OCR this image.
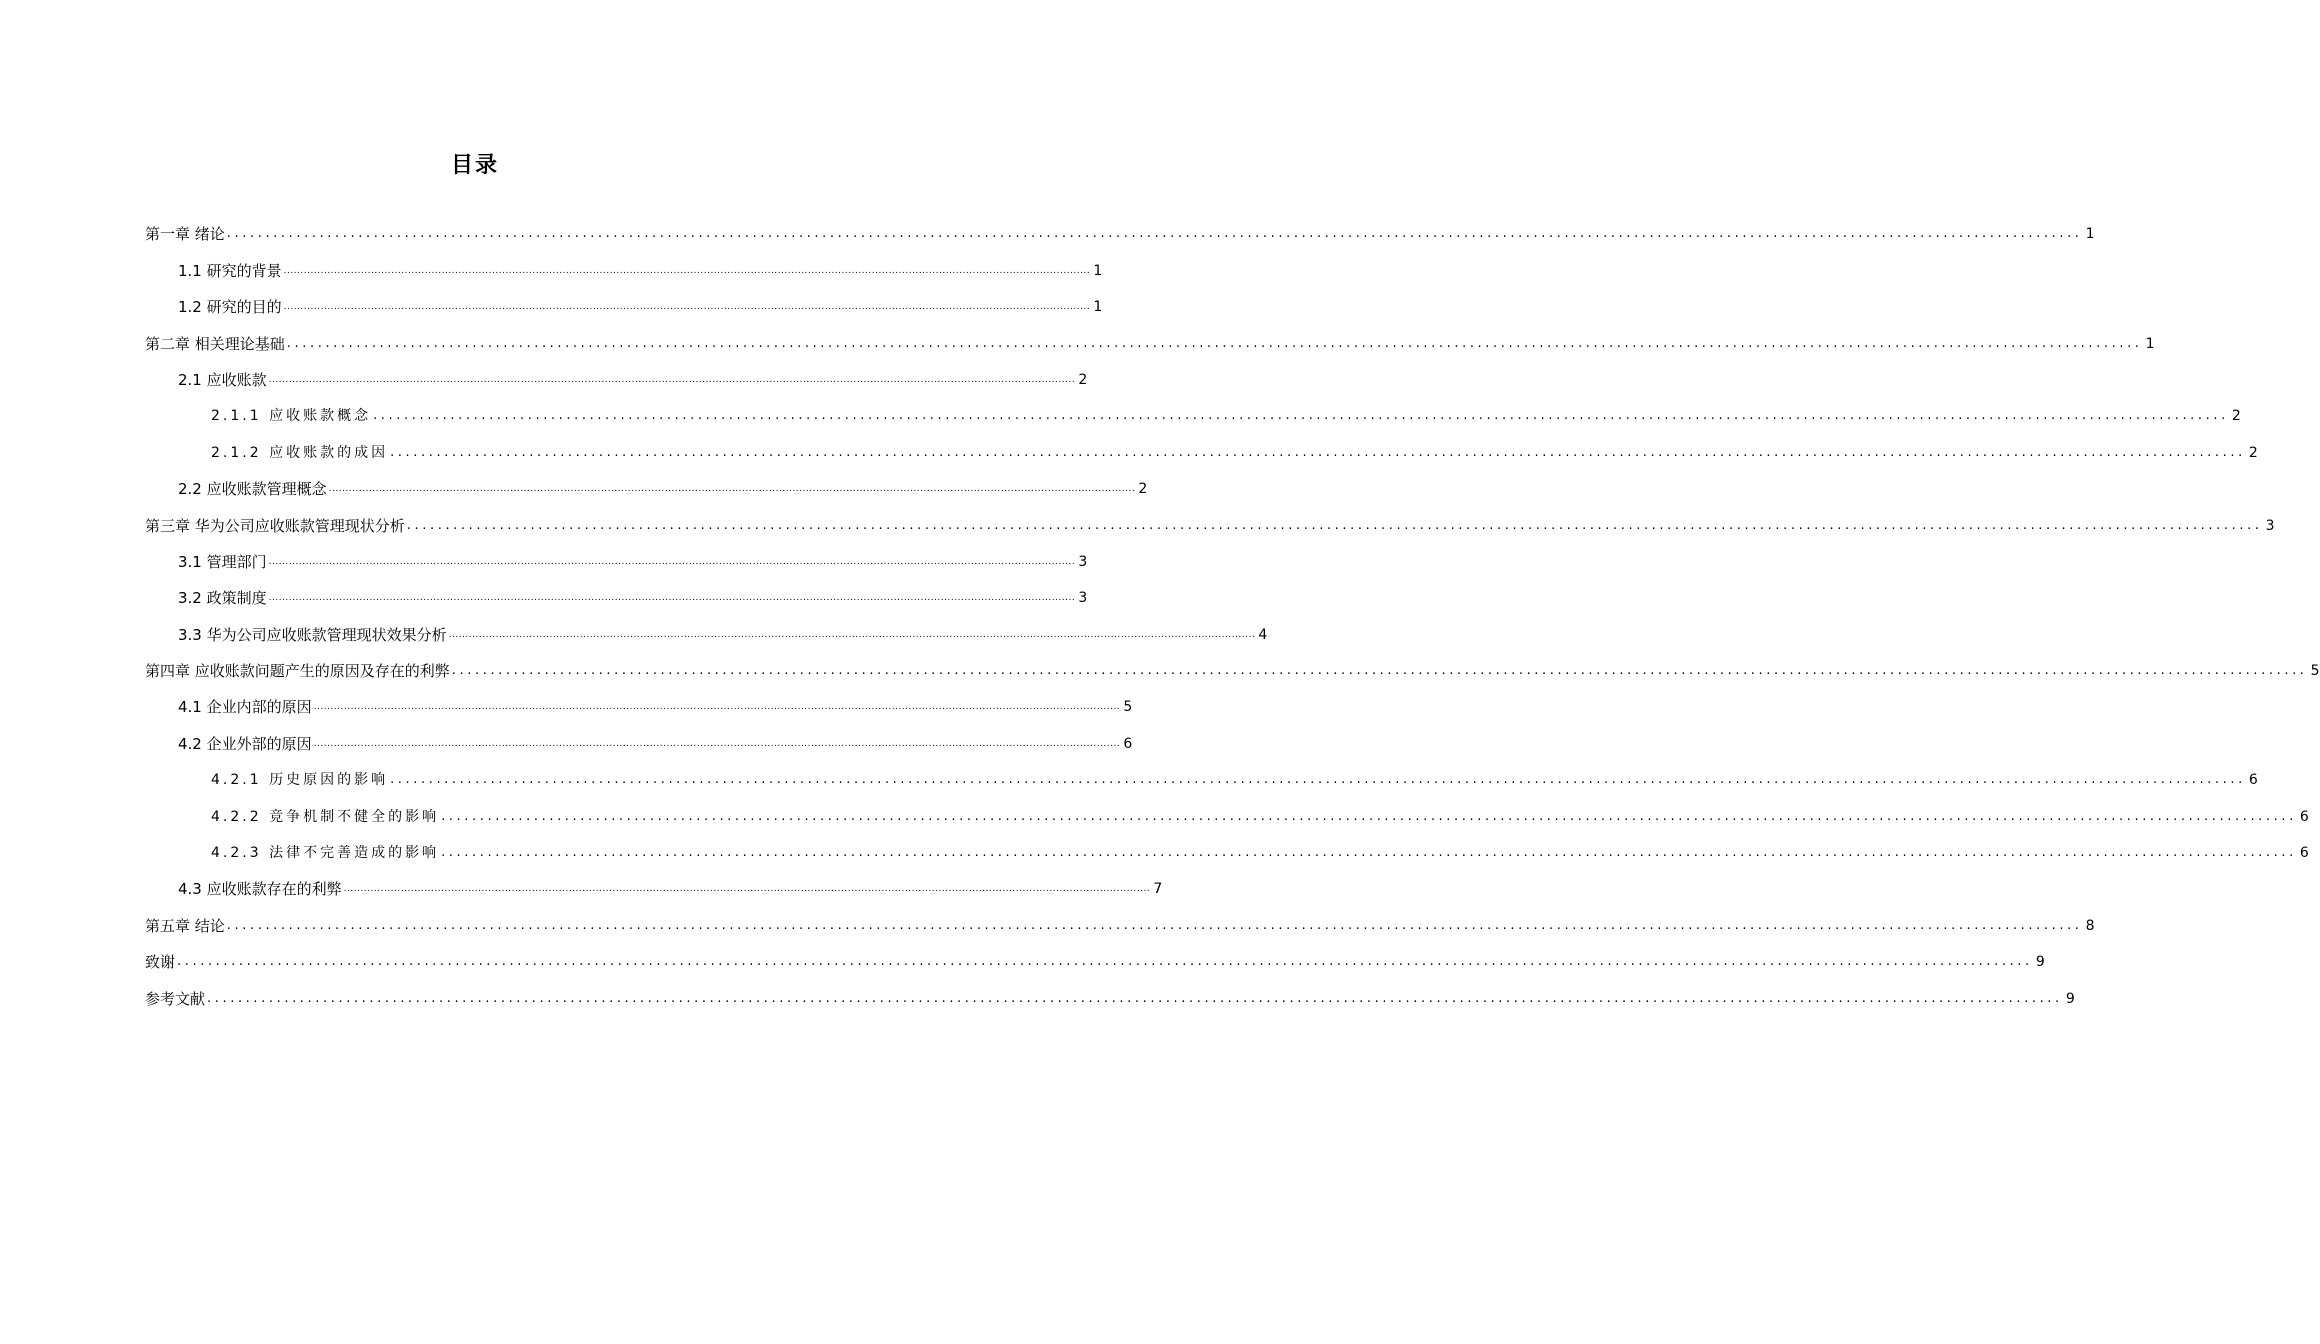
目录
第一章 绪论 ................................................................................................................................................................................................................................................ 1
1.1 研究的背景 ................................................................................................................................................................................................................................................ 1
1.2 研究的目的 ................................................................................................................................................................................................................................................ 1
第二章 相关理论基础 ................................................................................................................................................................................................................................................ 1
2.1 应收账款 ................................................................................................................................................................................................................................................ 2
2.1.1 应收账款概念 ................................................................................................................................................................................................................................................ 2
2.1.2 应收账款的成因 ................................................................................................................................................................................................................................................ 2
2.2 应收账款管理概念 ................................................................................................................................................................................................................................................ 2
第三章 华为公司应收账款管理现状分析 ................................................................................................................................................................................................................................................ 3
3.1 管理部门 ................................................................................................................................................................................................................................................ 3
3.2 政策制度 ................................................................................................................................................................................................................................................ 3
3.3 华为公司应收账款管理现状效果分析 ................................................................................................................................................................................................................................................ 4
第四章 应收账款问题产生的原因及存在的利弊 ................................................................................................................................................................................................................................................ 5
4.1 企业内部的原因 ................................................................................................................................................................................................................................................ 5
4.2 企业外部的原因 ................................................................................................................................................................................................................................................ 6
4.2.1 历史原因的影响 ................................................................................................................................................................................................................................................ 6
4.2.2 竞争机制不健全的影响 ................................................................................................................................................................................................................................................ 6
4.2.3 法律不完善造成的影响 ................................................................................................................................................................................................................................................ 6
4.3 应收账款存在的利弊 ................................................................................................................................................................................................................................................ 7
第五章 结论 ................................................................................................................................................................................................................................................ 8
致谢 ................................................................................................................................................................................................................................................ 9
参考文献 ................................................................................................................................................................................................................................................ 9
